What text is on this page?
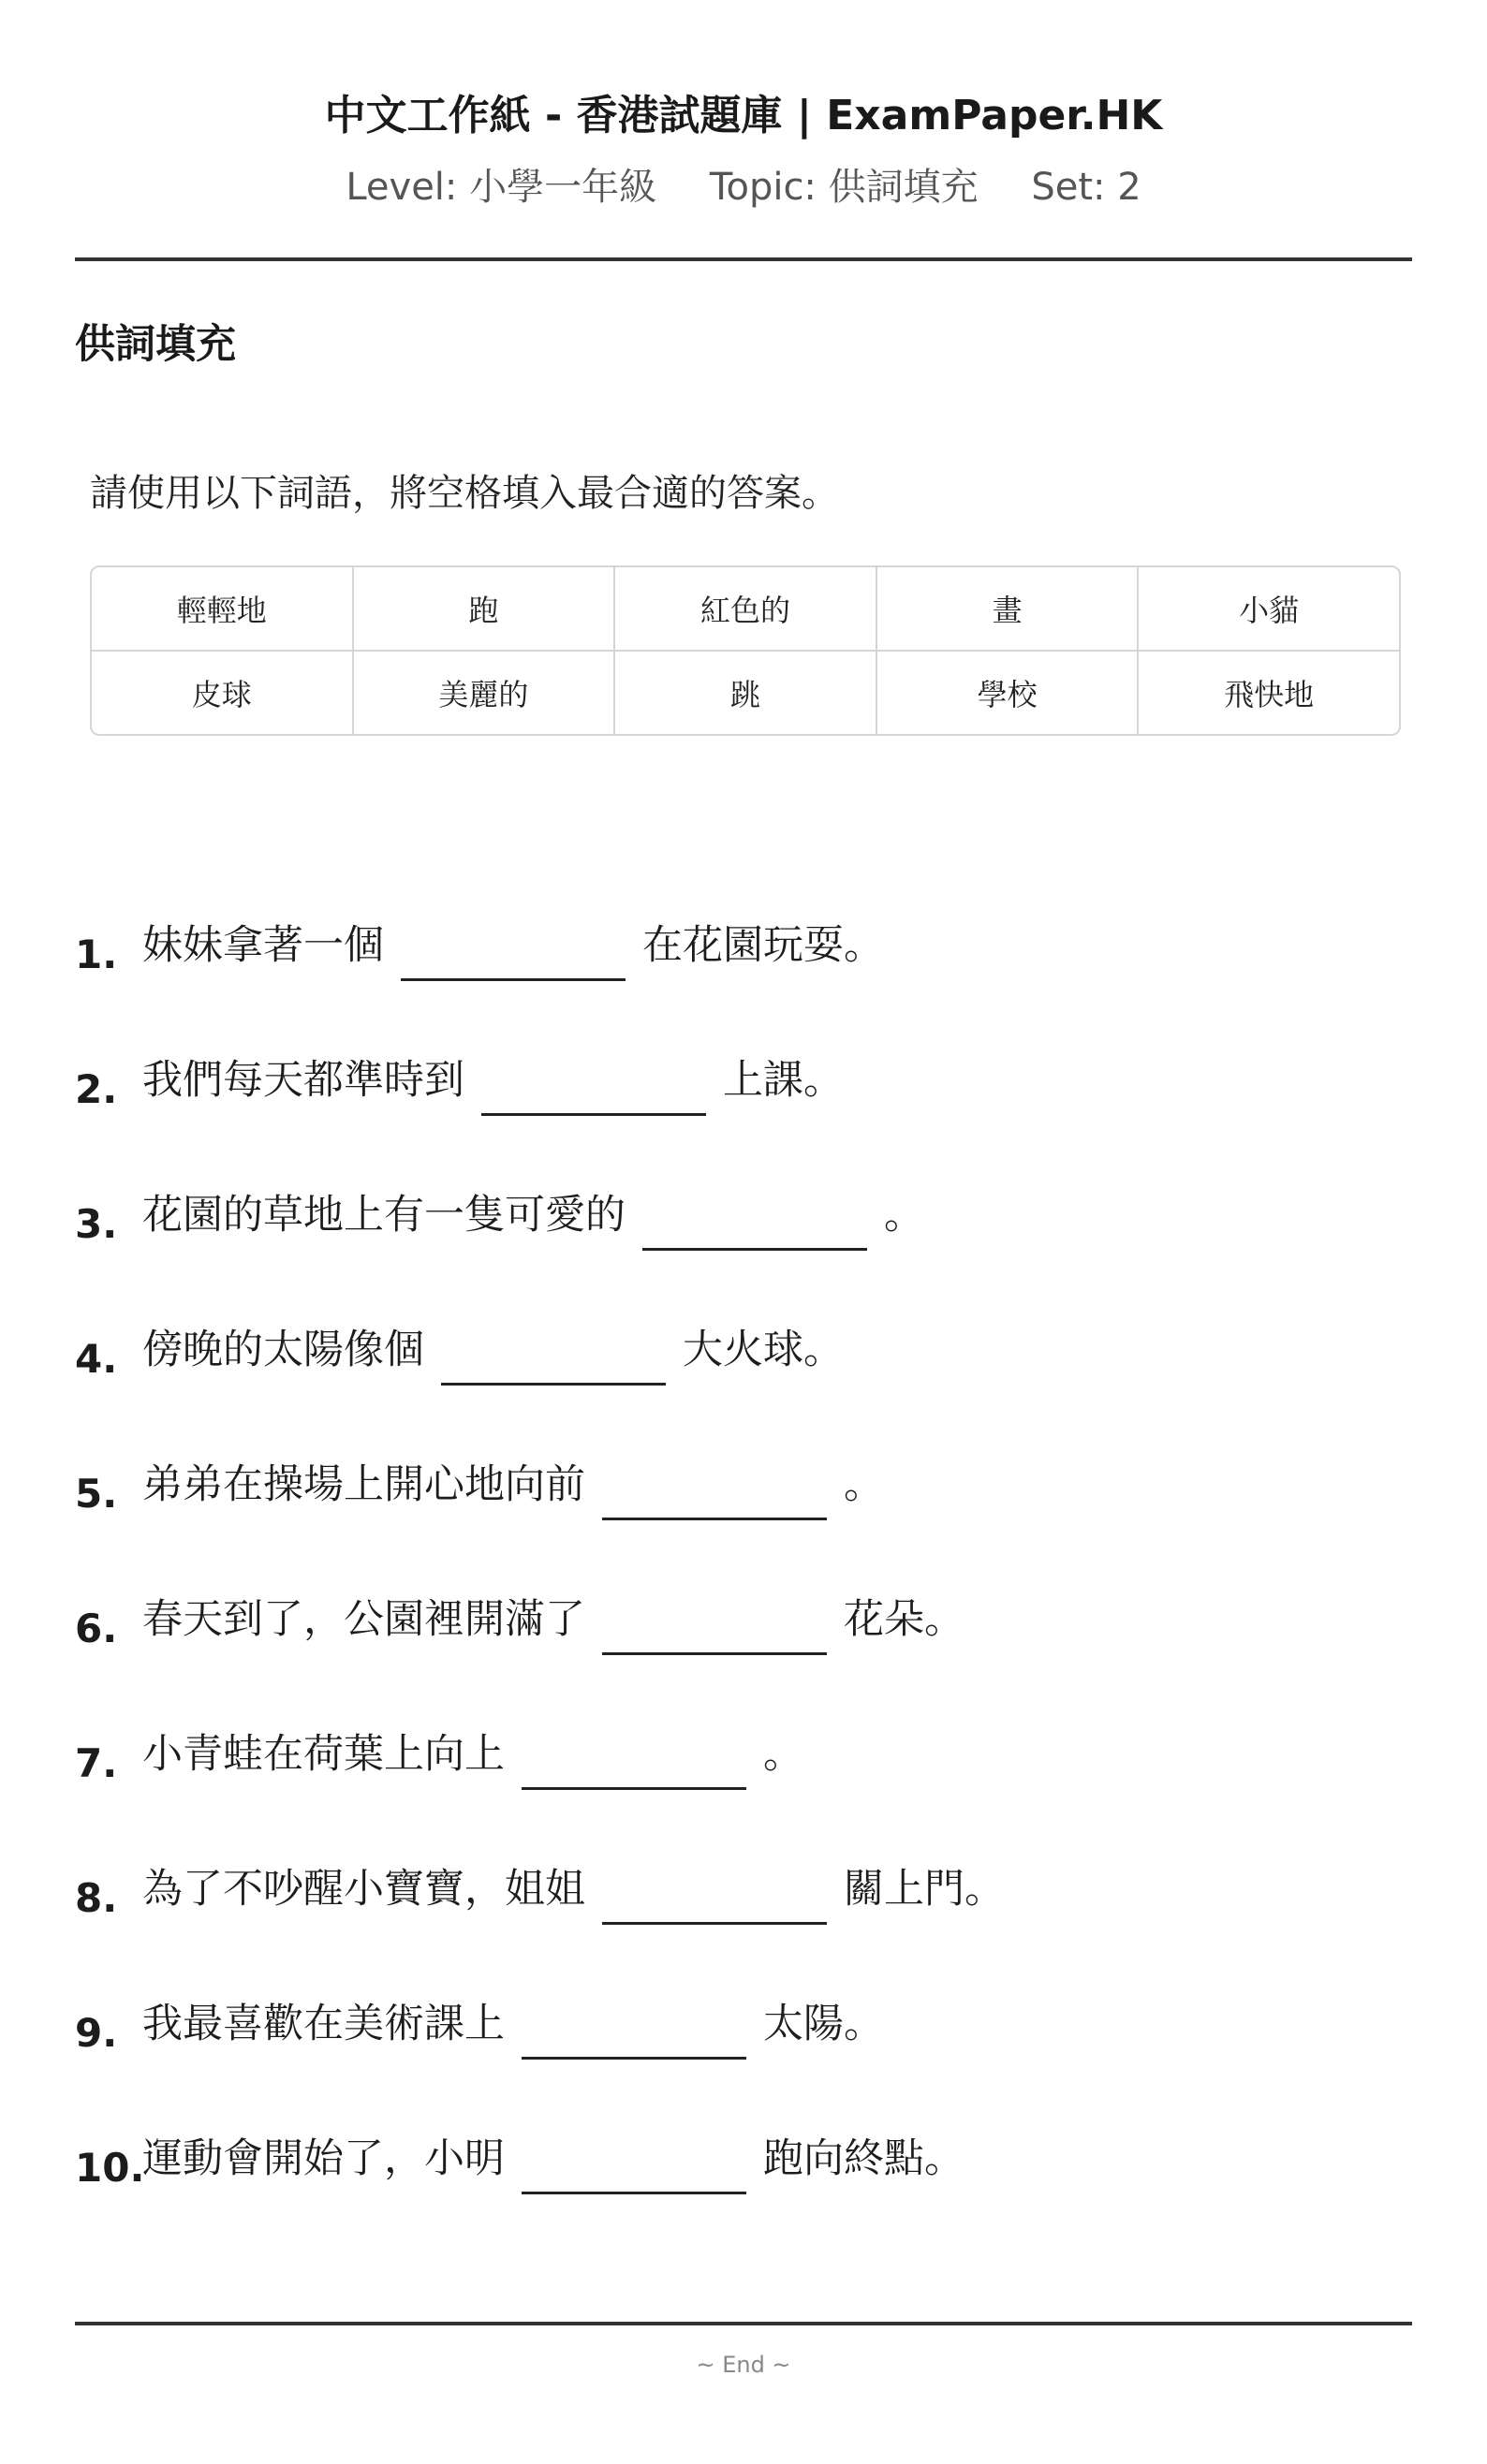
中文工作紙 - 香港試題庫 | ExamPaper.HK
Level: 小學一年級 Topic: 供詞填充 Set: 2
供詞填充
請使用以下詞語，將空格填入最合適的答案。
輕輕地	跑	紅色的	畫	小貓
皮球	美麗的	跳	學校	飛快地
1. 妹妹拿著一個	在花園玩耍。
2. 我們每天都準時到	上課。
3. 花園的草地上有一隻可愛的	。
4. 傍晚的太陽像個	大火球。
5. 弟弟在操場上開心地向前	。
6. 春天到了，公園裡開滿了	花朵。
7. 小青蛙在荷葉上向上	。
8. 為了不吵醒小寶寶，姐姐	關上門。
9. 我最喜歡在美術課上	太陽。
10.
運動會開始了，小明	跑向終點。
~ End ~
